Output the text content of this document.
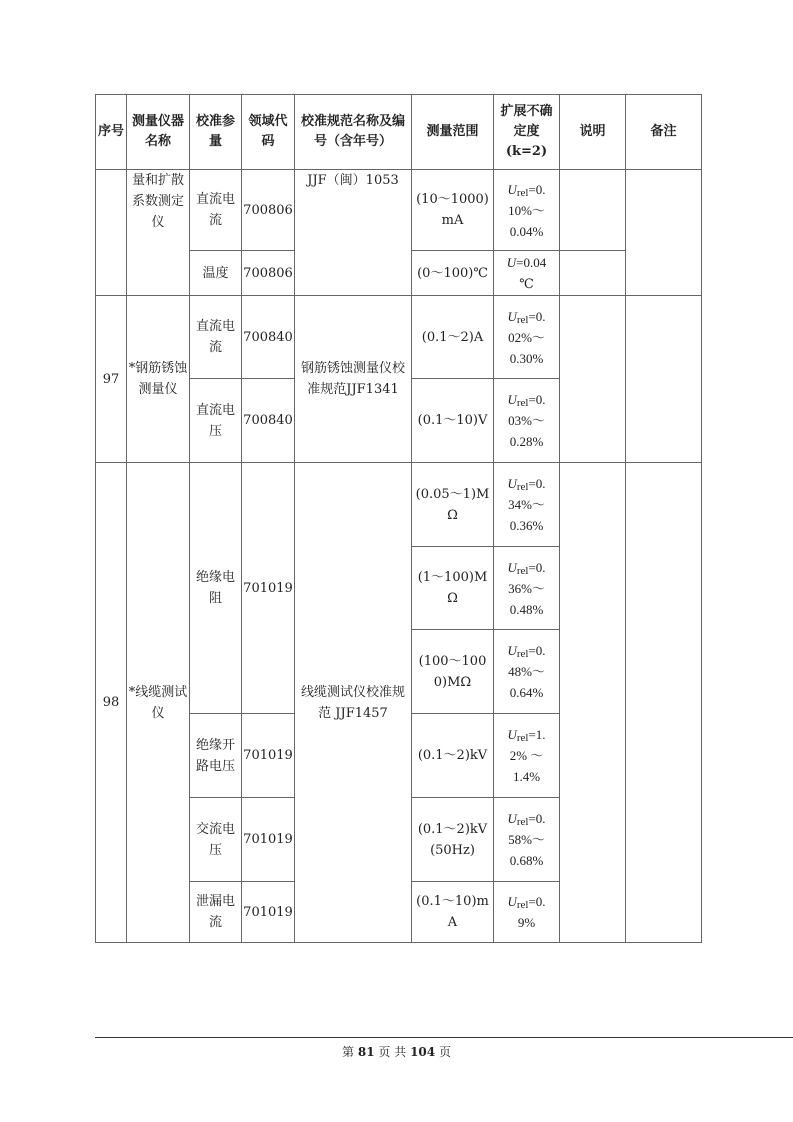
序号	测量仪器名称	校准参量	领域代码	校准规范名称及编号（含年号）	测量范围	扩展不确定度
(k=2)	说明	备注
	量和扩散系数测定仪	直流电流	700806	JJF（闽）1053	(10～1000)mA	$U_{rel}=0$.
10%～
0.04%		
		温度	700806		(0～100)℃	U=0.04
℃		
97	*钢筋锈蚀测量仪	直流电流	700840	钢筋锈蚀测量仪校准规范JJF1341	(0.1～2)A	$U_{rel}=0$.
02%～
0.30%		
		直流电压	700840		(0.1～10)V	$U_{rel}=0$.
03%～
0.28%		
98	*线缆测试仪	绝缘电阻	701019	线缆测试仪校准规范 JJF1457	(0.05～1)MΩ	$U_{rel}=0$.
34%～
0.36%		
					(1～100)MΩ	$U_{rel}=0$.
36%～
0.48%		
					(100～1000)MΩ	$U_{rel}=0$.
48%～
0.64%		
		绝缘开路电压	701019		(0.1～2)kV	$U_{rel}=1$.
2% ～
1.4%		
		交流电压	701019		(0.1～2)kV
(50Hz)	$U_{rel}=0$.
58%～
0.68%		
		泄漏电流	701019		(0.1～10)mA	$U_{rel}=0$.
9%		
第 81 页 共 104 页
